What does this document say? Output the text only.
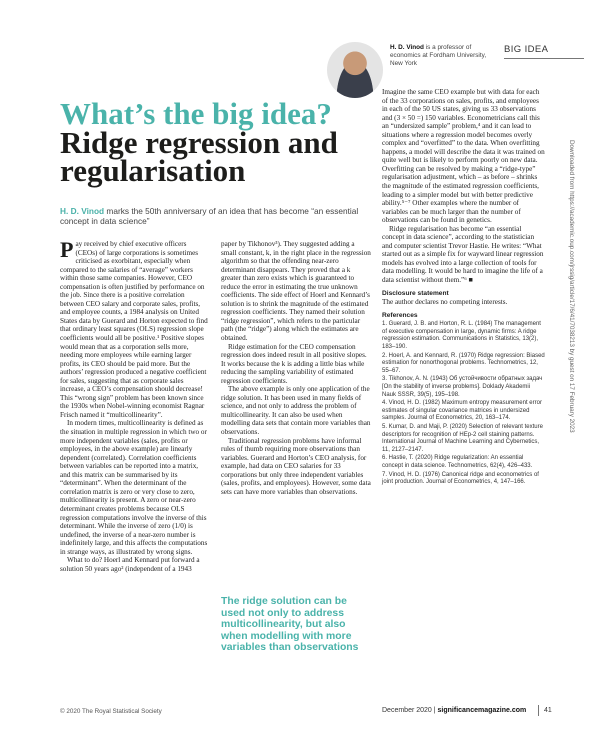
H. D. Vinod is a professor of economics at Fordham University, New York
BIG IDEA
What’s the big idea?
Ridge regression and regularisation
H. D. Vinod marks the 50th anniversary of an idea that has become “an essential concept in data science”

Pay received by chief executive officers (CEOs) of large corporations is sometimes criticised as exorbitant, especially when compared to the salaries of “average” workers within those same companies. However, CEO compensation is often justified by performance on the job. Since there is a positive correlation between CEO salary and corporate sales, profits, and employee counts, a 1984 analysis on United States data by Guerard and Horton expected to find that ordinary least squares (OLS) regression slope coefficients would all be positive.¹ Positive slopes would mean that as a corporation sells more, needing more employees while earning larger profits, its CEO should be paid more. But the authors’ regression produced a negative coefficient for sales, suggesting that as corporate sales increase, a CEO’s compensation should decrease! This “wrong sign” problem has been known since the 1930s when Nobel-winning economist Ragnar Frisch named it “multicollinearity”.

In modern times, multicollinearity is defined as the situation in multiple regression in which two or more independent variables (sales, profits or employees, in the above example) are linearly dependent (correlated). Correlation coefficients between variables can be reported into a matrix, and this matrix can be summarised by its “determinant”. When the determinant of the correlation matrix is zero or very close to zero, multicollinearity is present. A zero or near-zero determinant creates problems because OLS regression computations involve the inverse of this determinant. While the inverse of zero (1/0) is undefined, the inverse of a near-zero number is indefinitely large, and this affects the computations in strange ways, as illustrated by wrong signs.

What to do? Hoerl and Kennard put forward a solution 50 years ago² (independent of a 1943

paper by Tikhonov³). They suggested adding a small constant, k, in the right place in the regression algorithm so that the offending near-zero determinant disappears. They proved that a k greater than zero exists which is guaranteed to reduce the error in estimating the true unknown coefficients. The side effect of Hoerl and Kennard’s solution is to shrink the magnitude of the estimated regression coefficients. They named their solution “ridge regression”, which refers to the particular path (the “ridge”) along which the estimates are obtained.

Ridge estimation for the CEO compensation regression does indeed result in all positive slopes. It works because the k is adding a little bias while reducing the sampling variability of estimated regression coefficients.

The above example is only one application of the ridge solution. It has been used in many fields of science, and not only to address the problem of multicollinearity. It can also be used when modelling data sets that contain more variables than observations.

Traditional regression problems have informal rules of thumb requiring more observations than variables. Guerard and Horton’s CEO analysis, for example, had data on CEO salaries for 33 corporations but only three independent variables (sales, profits, and employees). However, some data sets can have more variables than observations.

The ridge solution can be used not only to address multicollinearity, but also when modelling with more variables than observations

Imagine the same CEO example but with data for each of the 33 corporations on sales, profits, and employees in each of the 50 US states, giving us 33 observations and (3 × 50 =) 150 variables. Econometricians call this an “undersized sample” problem,⁴ and it can lead to situations where a regression model becomes overly complex and “overfitted” to the data. When overfitting happens, a model will describe the data it was trained on quite well but is likely to perform poorly on new data. Overfitting can be resolved by making a “ridge-type” regularisation adjustment, which – as before – shrinks the magnitude of the estimated regression coefficients, leading to a simpler model but with better predictive ability.⁵⁻⁷ Other examples where the number of variables can be much larger than the number of observations can be found in genetics.

Ridge regularisation has become “an essential concept in data science”, according to the statistician and computer scientist Trevor Hastie. He writes: “What started out as a simple fix for wayward linear regression models has evolved into a large collection of tools for data modelling. It would be hard to imagine the life of a data scientist without them.”⁶ ■

Disclosure statement

The author declares no competing interests.

References
1. Guerard, J. B. and Horton, R. L. (1984) The management of executive compensation in large, dynamic firms: A ridge regression estimation. Communications in Statistics, 13(2), 183–190.
2. Hoerl, A. and Kennard, R. (1970) Ridge regression: Biased estimation for nonorthogonal problems. Technometrics, 12, 55–67.
3. Tikhonov, A. N. (1943) Об устойчивости обратных задач [On the stability of inverse problems]. Doklady Akademii Nauk SSSR, 39(5), 195–198.
4. Vinod, H. D. (1982) Maximum entropy measurement error estimates of singular covariance matrices in undersized samples. Journal of Econometrics, 20, 163–174.
5. Kumar, D. and Maji, P. (2020) Selection of relevant texture descriptors for recognition of HEp-2 cell staining patterns. International Journal of Machine Learning and Cybernetics, 11, 2127–2147.
6. Hastie, T. (2020) Ridge regularization: An essential concept in data science. Technometrics, 62(4), 426–433.
7. Vinod, H. D. (1976) Canonical ridge and econometrics of joint production. Journal of Econometrics, 4, 147–166.
Downloaded from https://academic.oup.com/jrssig/article/17/6/41/7038213 by guest on 17 February 2023
© 2020 The Royal Statistical Society	December 2020 | significancemagazine.com	41
